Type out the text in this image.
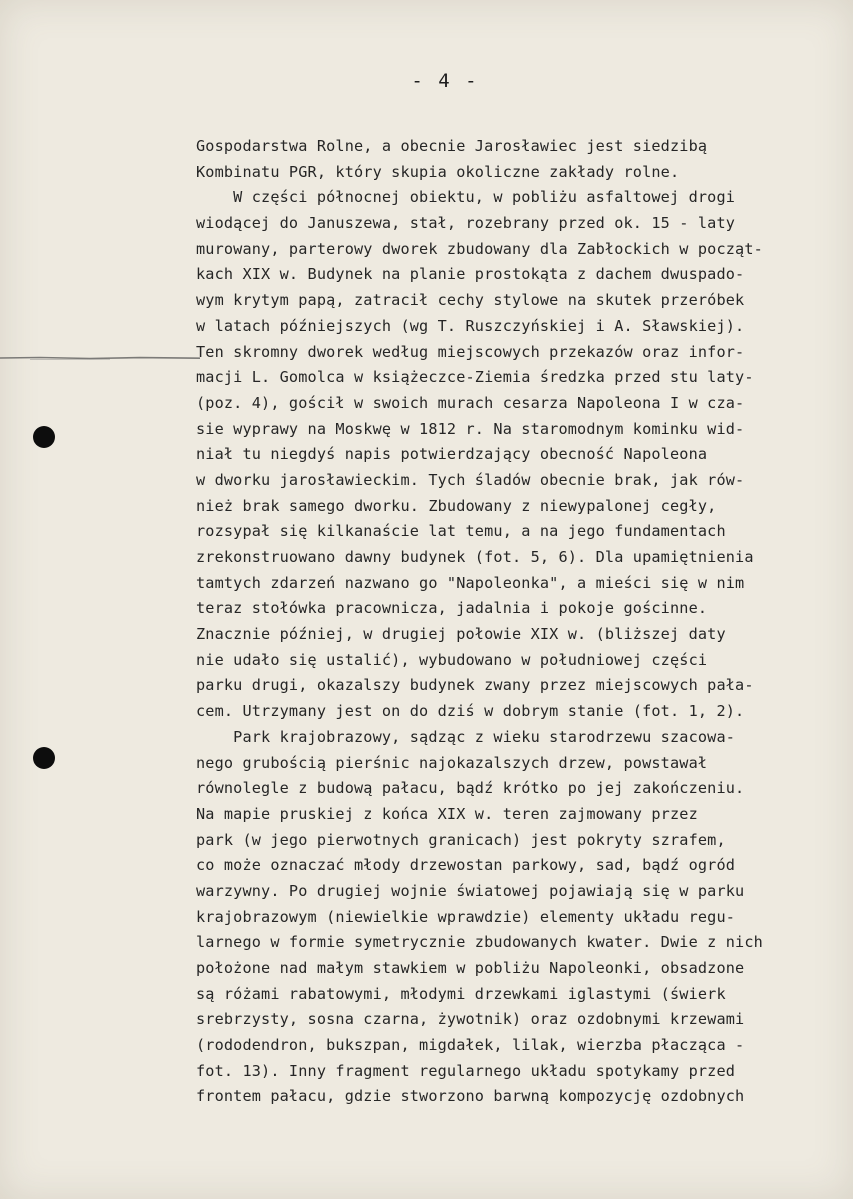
- 4 -
Gospodarstwa Rolne, a obecnie Jarosławiec jest siedzibą
Kombinatu PGR, który skupia okoliczne zakłady rolne.
W części północnej obiektu, w pobliżu asfaltowej drogi
wiodącej do Januszewa, stał, rozebrany przed ok. 15 - laty
murowany, parterowy dworek zbudowany dla Zabłockich w począt-
kach XIX w. Budynek na planie prostokąta z dachem dwuspado-
wym krytym papą, zatracił cechy stylowe na skutek przeróbek
w latach późniejszych (wg T. Ruszczyńskiej i A. Sławskiej).
Ten skromny dworek według miejscowych przekazów oraz infor-
macji L. Gomolca w książeczce-Ziemia średzka przed stu laty-
(poz. 4), gościł w swoich murach cesarza Napoleona I w cza-
sie wyprawy na Moskwę w 1812 r. Na staromodnym kominku wid-
niał tu niegdyś napis potwierdzający obecność Napoleona
w dworku jarosławieckim. Tych śladów obecnie brak, jak rów-
nież brak samego dworku. Zbudowany z niewypalonej cegły,
rozsypał się kilkanaście lat temu, a na jego fundamentach
zrekonstruowano dawny budynek (fot. 5, 6). Dla upamiętnienia
tamtych zdarzeń nazwano go "Napoleonka", a mieści się w nim
teraz stołówka pracownicza, jadalnia i pokoje gościnne.
Znacznie później, w drugiej połowie XIX w. (bliższej daty
nie udało się ustalić), wybudowano w południowej części
parku drugi, okazalszy budynek zwany przez miejscowych pała-
cem. Utrzymany jest on do dziś w dobrym stanie (fot. 1, 2).
Park krajobrazowy, sądząc z wieku starodrzewu szacowa-
nego grubością pierśnic najokazalszych drzew, powstawał
równolegle z budową pałacu, bądź krótko po jej zakończeniu.
Na mapie pruskiej z końca XIX w. teren zajmowany przez
park (w jego pierwotnych granicach) jest pokryty szrafem,
co może oznaczać młody drzewostan parkowy, sad, bądź ogród
warzywny. Po drugiej wojnie światowej pojawiają się w parku
krajobrazowym (niewielkie wprawdzie) elementy układu regu-
larnego w formie symetrycznie zbudowanych kwater. Dwie z nich
położone nad małym stawkiem w pobliżu Napoleonki, obsadzone
są różami rabatowymi, młodymi drzewkami iglastymi (świerk
srebrzysty, sosna czarna, żywotnik) oraz ozdobnymi krzewami
(rododendron, bukszpan, migdałek, lilak, wierzba płacząca -
fot. 13). Inny fragment regularnego układu spotykamy przed
frontem pałacu, gdzie stworzono barwną kompozycję ozdobnych
